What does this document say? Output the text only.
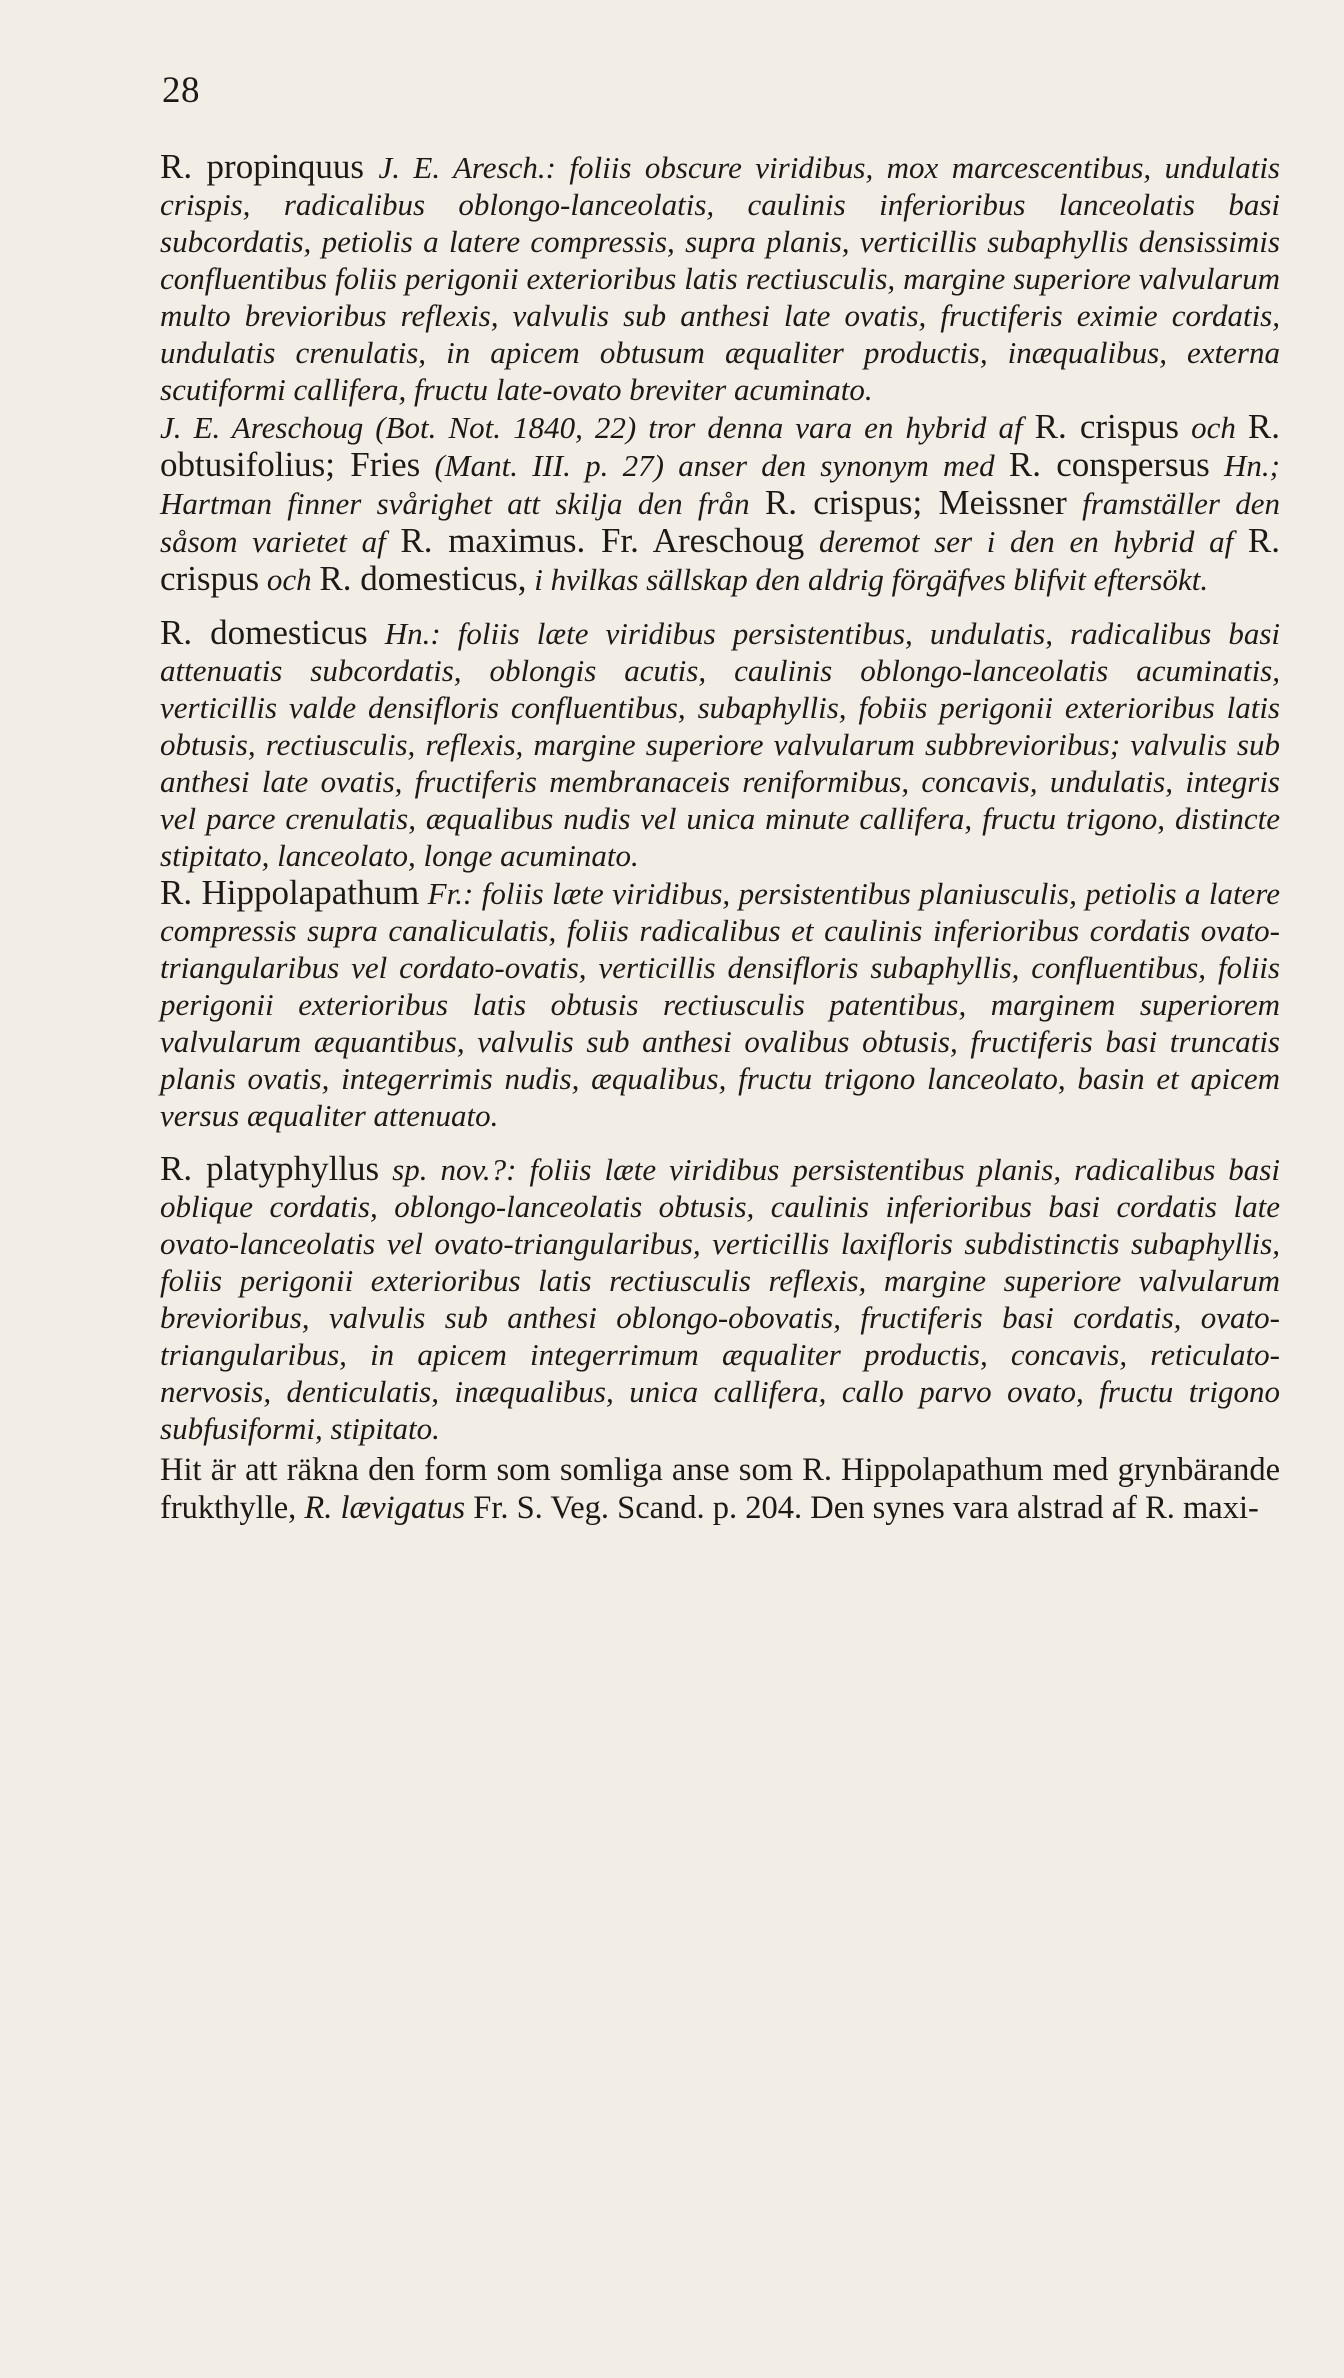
28

R. propinquus J. E. Aresch.: foliis obscure viridibus, mox marcescentibus, undulatis crispis, radicalibus oblongo-lanceolatis, caulinis inferioribus lanceolatis basi subcordatis, petiolis a latere compressis, supra planis, verticillis subaphyllis densissimis confluentibus foliis perigonii exterioribus latis rectiusculis, margine superiore valvularum multo brevioribus reflexis, valvulis sub anthesi late ovatis, fructiferis eximie cordatis, undulatis crenulatis, in apicem obtusum æqualiter productis, inæqualibus, externa scutiformi callifera, fructu late-ovato breviter acuminato.

J. E. Areschoug (Bot. Not. 1840, 22) tror denna vara en hybrid af R. crispus och R. obtusifolius; Fries (Mant. III. p. 27) anser den synonym med R. conspersus Hn.; Hartman finner svårighet att skilja den från R. crispus; Meissner framställer den såsom varietet af R. maximus. Fr. Areschoug deremot ser i den en hybrid af R. crispus och R. domesticus, i hvilkas sällskap den aldrig förgäfves blifvit eftersökt.

R. domesticus Hn.: foliis læte viridibus persistentibus, undulatis, radicalibus basi attenuatis subcordatis, oblongis acutis, caulinis oblongo-lanceolatis acuminatis, verticillis valde densifloris confluentibus, subaphyllis, fobiis perigonii exterioribus latis obtusis, rectiusculis, reflexis, margine superiore valvularum subbrevioribus; valvulis sub anthesi late ovatis, fructiferis membranaceis reniformibus, concavis, undulatis, integris vel parce crenulatis, æqualibus nudis vel unica minute callifera, fructu trigono, distincte stipitato, lanceolato, longe acuminato.

R. Hippolapathum Fr.: foliis læte viridibus, persistentibus planiusculis, petiolis a latere compressis supra canaliculatis, foliis radicalibus et caulinis inferioribus cordatis ovato-triangularibus vel cordato-ovatis, verticillis densifloris subaphyllis, confluentibus, foliis perigonii exterioribus latis obtusis rectiusculis patentibus, marginem superiorem valvularum æquantibus, valvulis sub anthesi ovalibus obtusis, fructiferis basi truncatis planis ovatis, integerrimis nudis, æqualibus, fructu trigono lanceolato, basin et apicem versus æqualiter attenuato.

R. platyphyllus sp. nov.?: foliis læte viridibus persistentibus planis, radicalibus basi oblique cordatis, oblongo-lanceolatis obtusis, caulinis inferioribus basi cordatis late ovato-lanceolatis vel ovato-triangularibus, verticillis laxifloris subdistinctis subaphyllis, foliis perigonii exterioribus latis rectiusculis reflexis, margine superiore valvularum brevioribus, valvulis sub anthesi oblongo-obovatis, fructiferis basi cordatis, ovato-triangularibus, in apicem integerrimum æqualiter productis, concavis, reticulato-nervosis, denticulatis, inæqualibus, unica callifera, callo parvo ovato, fructu trigono subfusiformi, stipitato.

Hit är att räkna den form som somliga anse som R. Hippolapathum med grynbärande frukthylle, R. lævigatus Fr. S. Veg. Scand. p. 204. Den synes vara alstrad af R. maxi-
